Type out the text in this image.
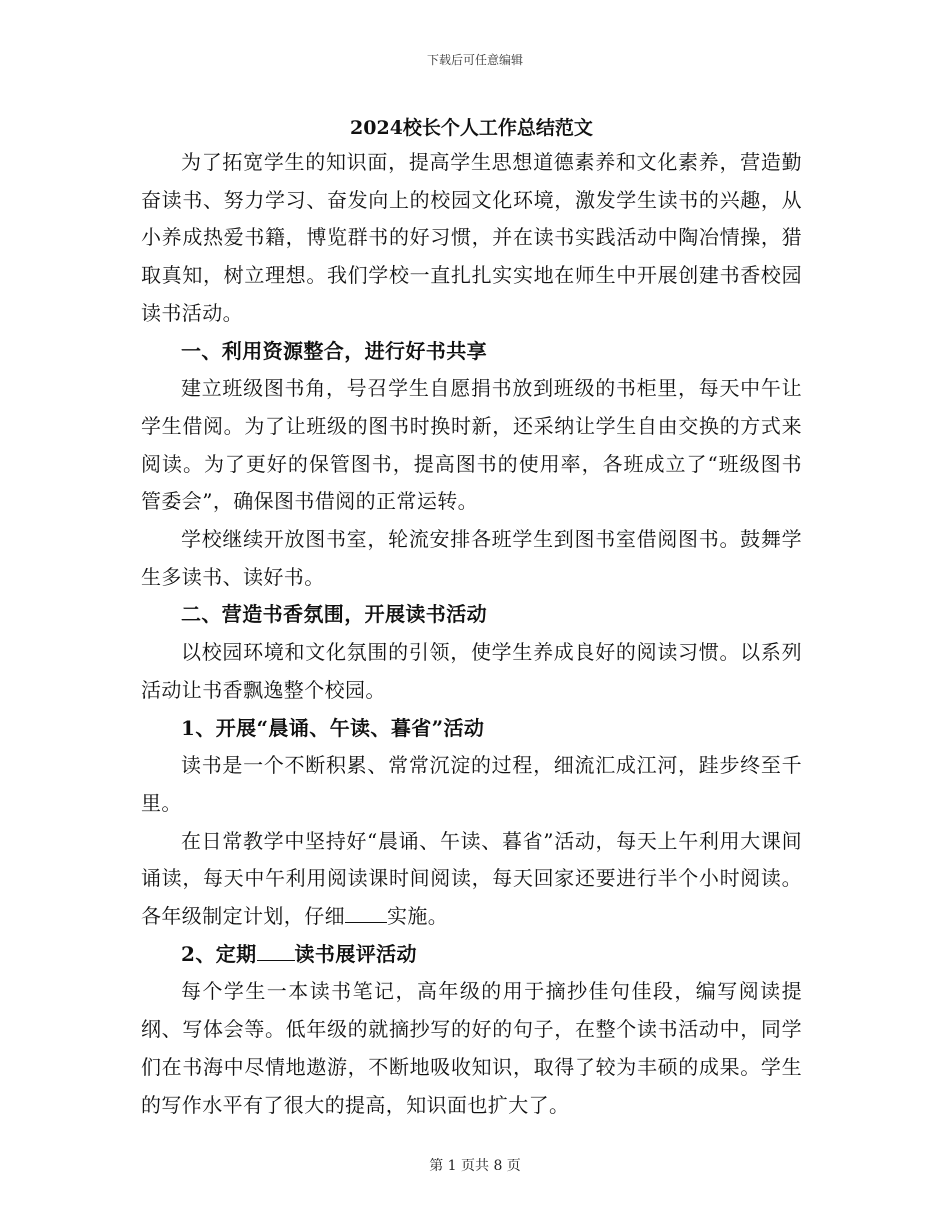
下载后可任意编辑
2024校长个人工作总结范文

为了拓宽学生的知识面，提高学生思想道德素养和文化素养，营造勤奋读书、努力学习、奋发向上的校园文化环境，激发学生读书的兴趣，从小养成热爱书籍，博览群书的好习惯，并在读书实践活动中陶冶情操，猎取真知，树立理想。我们学校一直扎扎实实地在师生中开展创建书香校园读书活动。

一、利用资源整合，进行好书共享

建立班级图书角，号召学生自愿捐书放到班级的书柜里，每天中午让学生借阅。为了让班级的图书时换时新，还采纳让学生自由交换的方式来阅读。为了更好的保管图书，提高图书的使用率，各班成立了“班级图书管委会”，确保图书借阅的正常运转。

学校继续开放图书室，轮流安排各班学生到图书室借阅图书。鼓舞学生多读书、读好书。

二、营造书香氛围，开展读书活动

以校园环境和文化氛围的引领，使学生养成良好的阅读习惯。以系列活动让书香飘逸整个校园。

1、开展“晨诵、午读、暮省”活动

读书是一个不断积累、常常沉淀的过程，细流汇成江河，跬步终至千里。

在日常教学中坚持好“晨诵、午读、暮省”活动，每天上午利用大课间诵读，每天中午利用阅读课时间阅读，每天回家还要进行半个小时阅读。各年级制定计划，仔细 实施。

2、定期 读书展评活动

每个学生一本读书笔记，高年级的用于摘抄佳句佳段，编写阅读提纲、写体会等。低年级的就摘抄写的好的句子，在整个读书活动中，同学们在书海中尽情地遨游，不断地吸收知识，取得了较为丰硕的成果。学生的写作水平有了很大的提高，知识面也扩大了。

第 1 页共 8 页
